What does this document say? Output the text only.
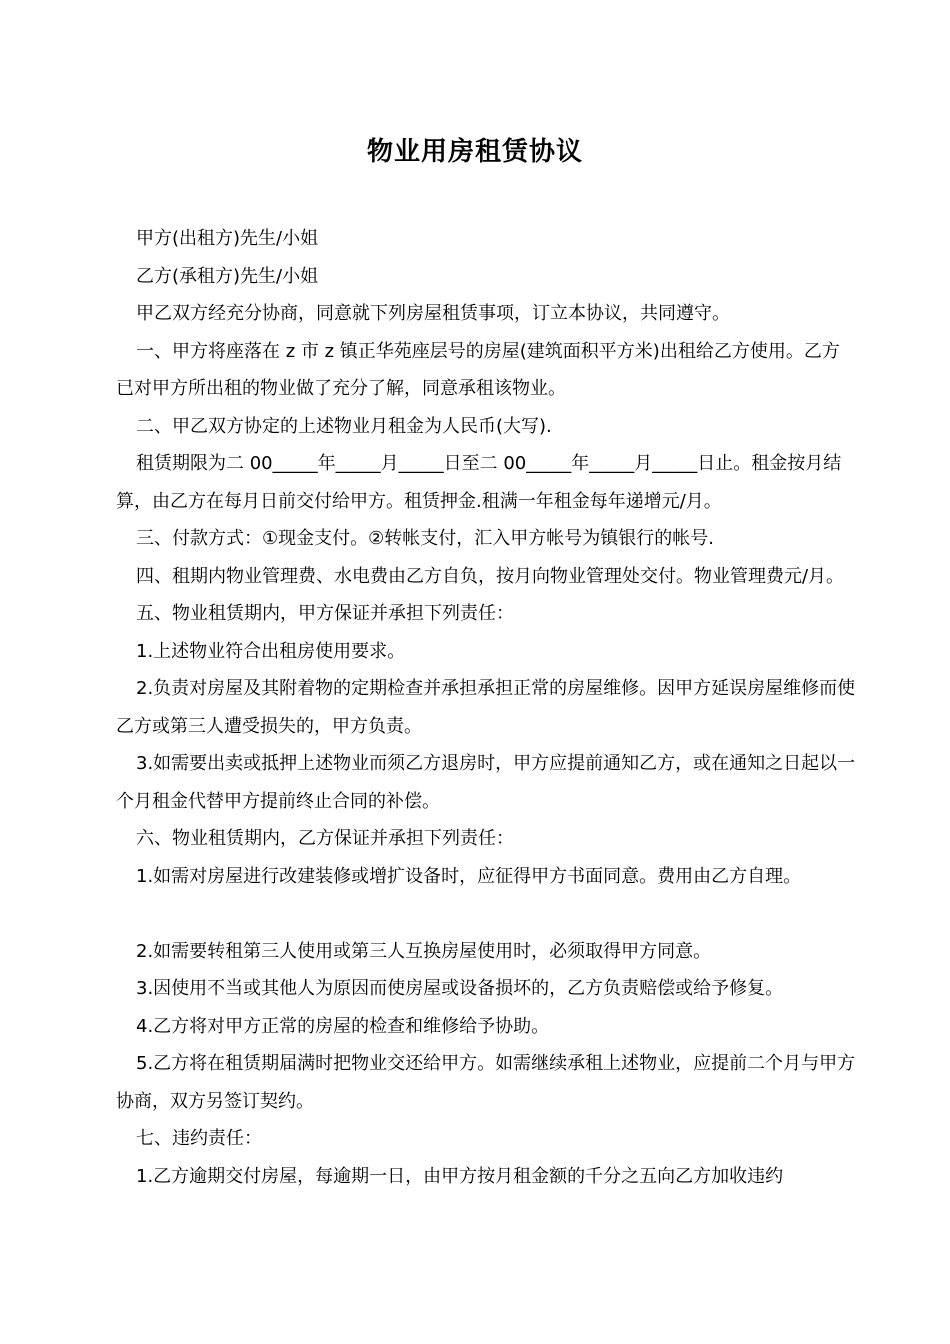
物业用房租赁协议

甲方(出租方)先生/小姐

乙方(承租方)先生/小姐

甲乙双方经充分协商，同意就下列房屋租赁事项，订立本协议，共同遵守。

一、甲方将座落在 z 市 z 镇正华苑座层号的房屋(建筑面积平方米)出租给乙方使用。乙方已对甲方所出租的物业做了充分了解，同意承租该物业。

二、甲乙双方协定的上述物业月租金为人民币(大写).

租赁期限为二 00_____年_____月_____日至二 00_____年_____月_____日止。租金按月结算，由乙方在每月日前交付给甲方。租赁押金.租满一年租金每年递增元/月。

三、付款方式：①现金支付。②转帐支付，汇入甲方帐号为镇银行的帐号.

四、租期内物业管理费、水电费由乙方自负，按月向物业管理处交付。物业管理费元/月。

五、物业租赁期内，甲方保证并承担下列责任：

1.上述物业符合出租房使用要求。

2.负责对房屋及其附着物的定期检查并承担承担正常的房屋维修。因甲方延误房屋维修而使乙方或第三人遭受损失的，甲方负责。

3.如需要出卖或抵押上述物业而须乙方退房时，甲方应提前通知乙方，或在通知之日起以一个月租金代替甲方提前终止合同的补偿。

六、物业租赁期内，乙方保证并承担下列责任：

1.如需对房屋进行改建装修或增扩设备时，应征得甲方书面同意。费用由乙方自理。

2.如需要转租第三人使用或第三人互换房屋使用时，必须取得甲方同意。

3.因使用不当或其他人为原因而使房屋或设备损坏的，乙方负责赔偿或给予修复。

4.乙方将对甲方正常的房屋的检查和维修给予协助。

5.乙方将在租赁期届满时把物业交还给甲方。如需继续承租上述物业，应提前二个月与甲方协商，双方另签订契约。

七、违约责任：

1.乙方逾期交付房屋，每逾期一日，由甲方按月租金额的千分之五向乙方加收违约
